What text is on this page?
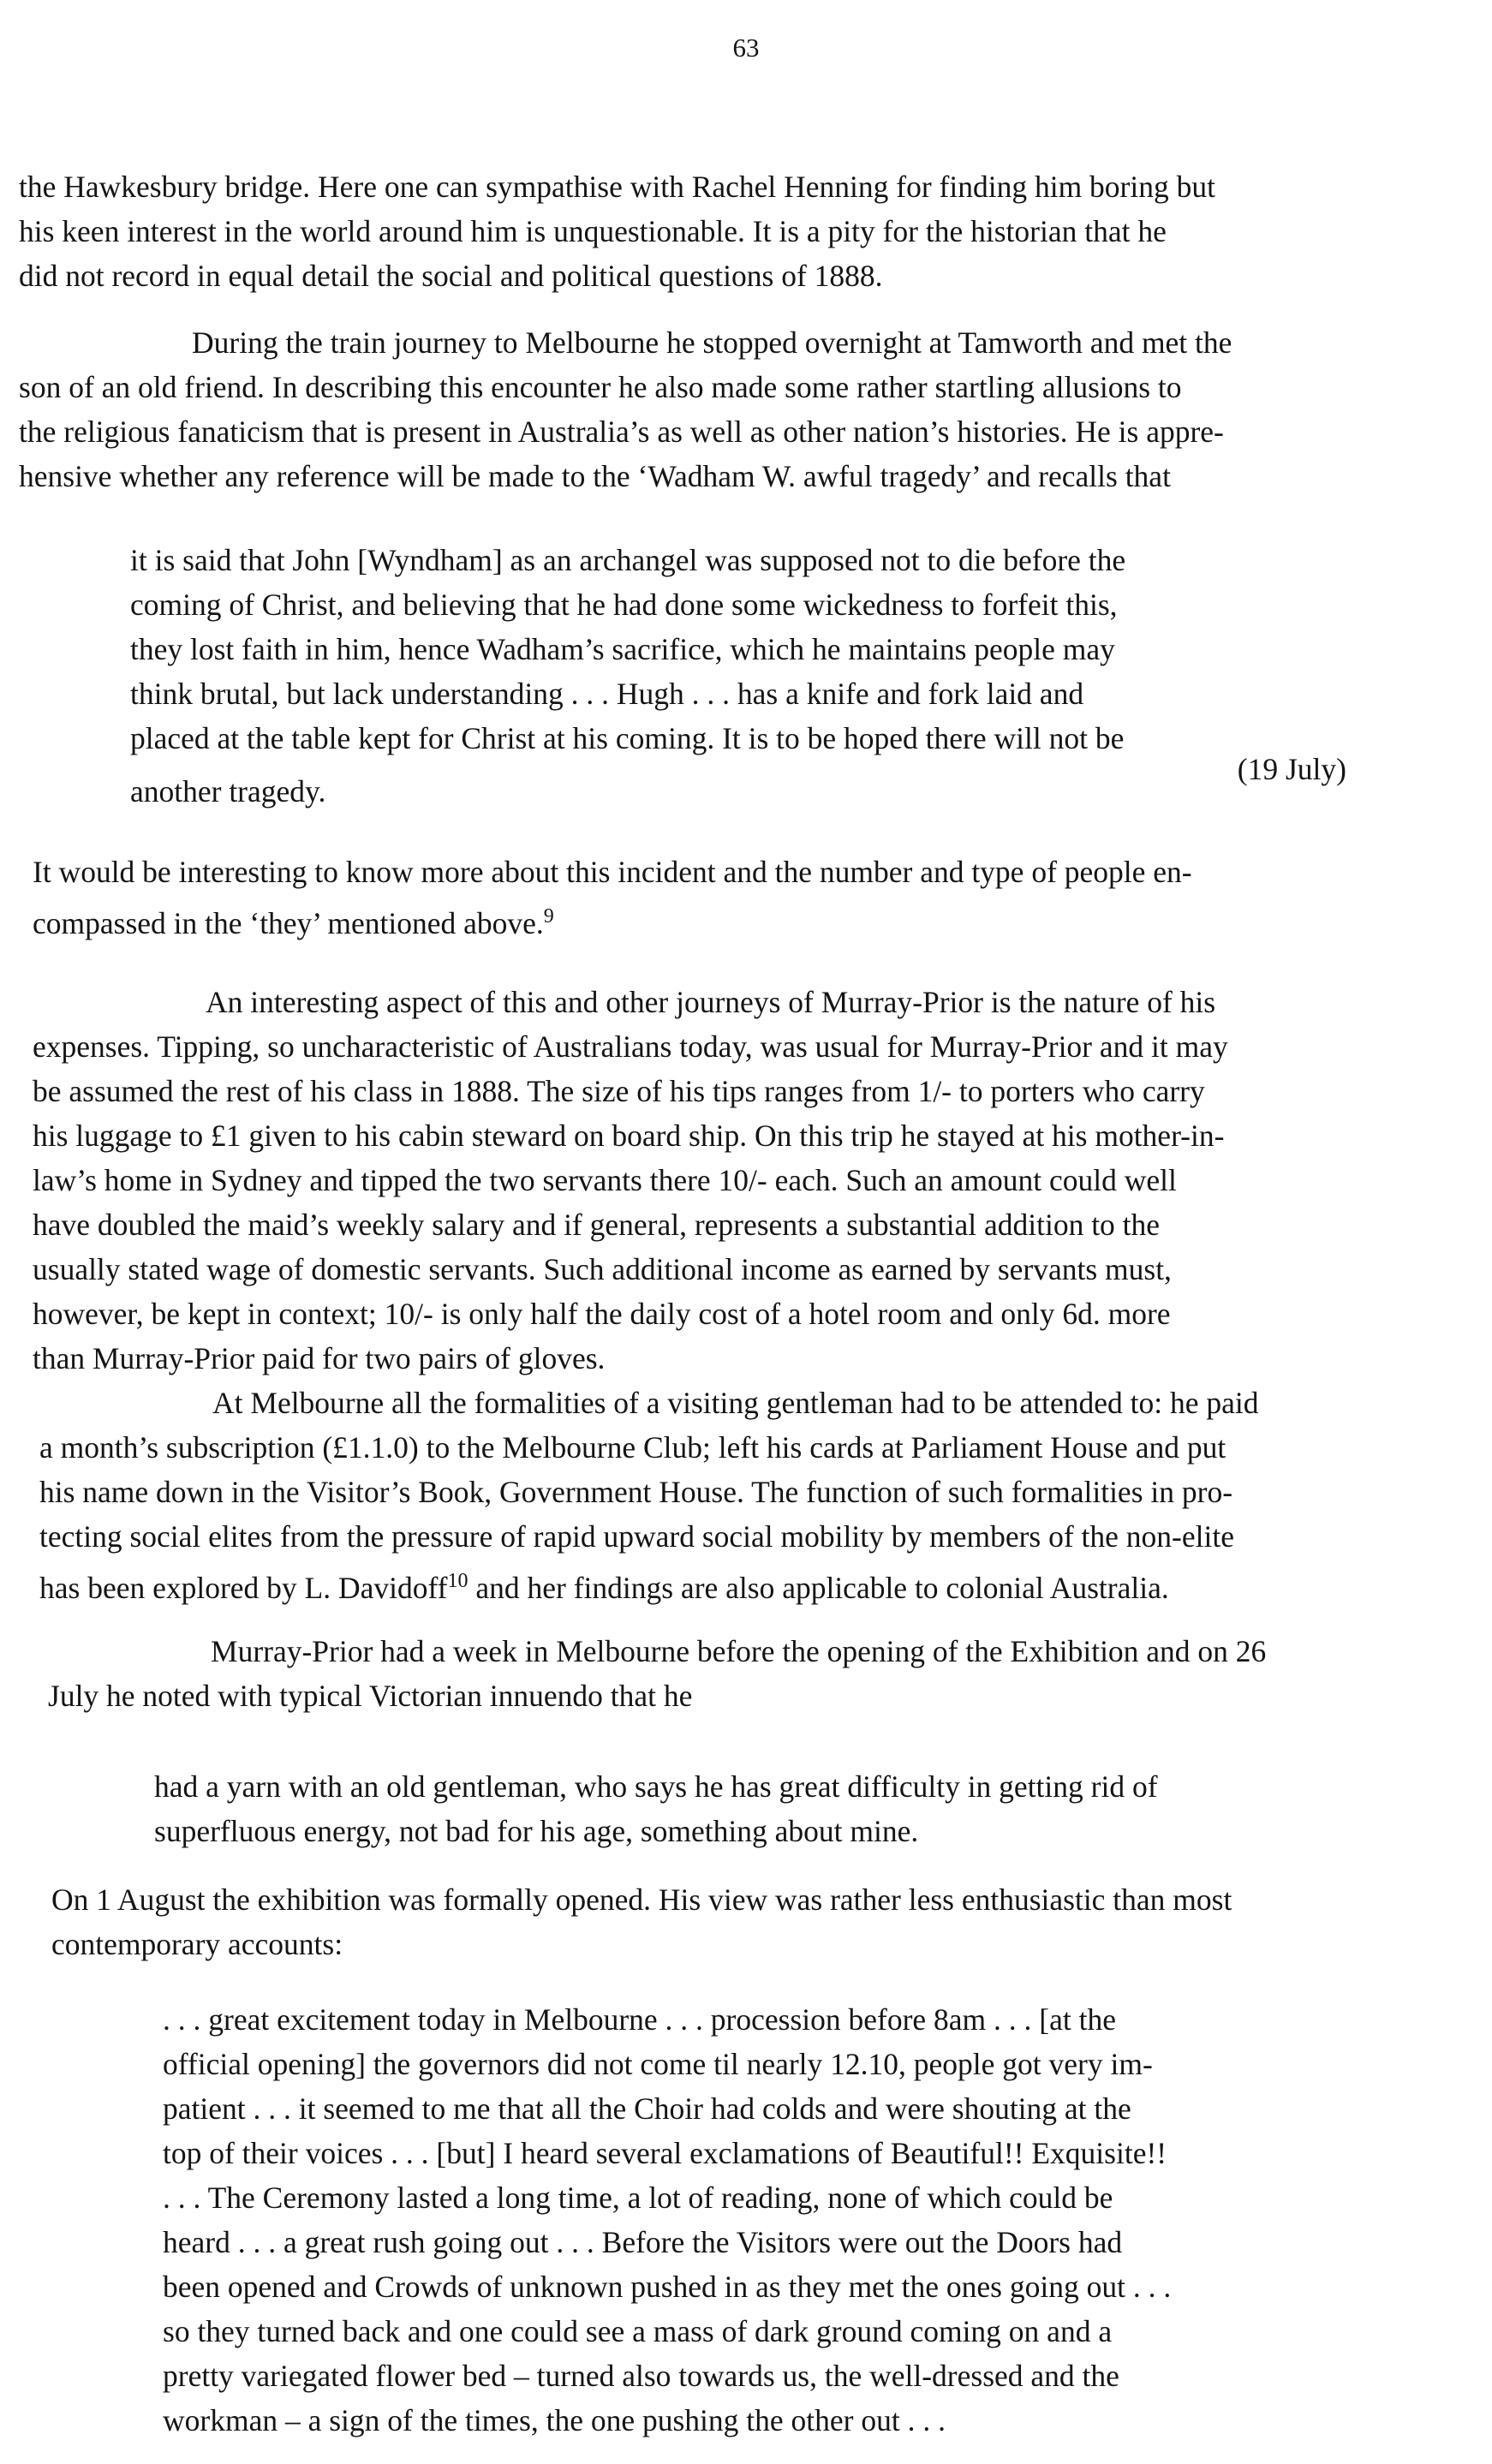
63
the Hawkesbury bridge. Here one can sympathise with Rachel Henning for finding him boring but
his keen interest in the world around him is unquestionable. It is a pity for the historian that he
did not record in equal detail the social and political questions of 1888.
During the train journey to Melbourne he stopped overnight at Tamworth and met the
son of an old friend. In describing this encounter he also made some rather startling allusions to
the religious fanaticism that is present in Australia’s as well as other nation’s histories. He is appre-
hensive whether any reference will be made to the ‘Wadham W. awful tragedy’ and recalls that
it is said that John [Wyndham] as an archangel was supposed not to die before the
coming of Christ, and believing that he had done some wickedness to forfeit this,
they lost faith in him, hence Wadham’s sacrifice, which he maintains people may
think brutal, but lack understanding . . . Hugh . . . has a knife and fork laid and
placed at the table kept for Christ at his coming. It is to be hoped there will not be
(19 July)
another tragedy.
It would be interesting to know more about this incident and the number and type of people en-
compassed in the ‘they’ mentioned above.$^9$
An interesting aspect of this and other journeys of Murray-Prior is the nature of his
expenses. Tipping, so uncharacteristic of Australians today, was usual for Murray-Prior and it may
be assumed the rest of his class in 1888. The size of his tips ranges from 1/- to porters who carry
his luggage to £1 given to his cabin steward on board ship. On this trip he stayed at his mother-in-
law’s home in Sydney and tipped the two servants there 10/- each. Such an amount could well
have doubled the maid’s weekly salary and if general, represents a substantial addition to the
usually stated wage of domestic servants. Such additional income as earned by servants must,
however, be kept in context; 10/- is only half the daily cost of a hotel room and only 6d. more
than Murray-Prior paid for two pairs of gloves.
At Melbourne all the formalities of a visiting gentleman had to be attended to: he paid
a month’s subscription (£1.1.0) to the Melbourne Club; left his cards at Parliament House and put
his name down in the Visitor’s Book, Government House. The function of such formalities in pro-
tecting social elites from the pressure of rapid upward social mobility by members of the non-elite
has been explored by L. Davidoff$^{10}$ and her findings are also applicable to colonial Australia.
Murray-Prior had a week in Melbourne before the opening of the Exhibition and on 26
July he noted with typical Victorian innuendo that he
had a yarn with an old gentleman, who says he has great difficulty in getting rid of
superfluous energy, not bad for his age, something about mine.
On 1 August the exhibition was formally opened. His view was rather less enthusiastic than most
contemporary accounts:
. . . great excitement today in Melbourne . . . procession before 8am . . . [at the
official opening] the governors did not come til nearly 12.10, people got very im-
patient . . . it seemed to me that all the Choir had colds and were shouting at the
top of their voices . . . [but] I heard several exclamations of Beautiful!! Exquisite!!
. . . The Ceremony lasted a long time, a lot of reading, none of which could be
heard . . . a great rush going out . . . Before the Visitors were out the Doors had
been opened and Crowds of unknown pushed in as they met the ones going out . . .
so they turned back and one could see a mass of dark ground coming on and a
pretty variegated flower bed – turned also towards us, the well-dressed and the
workman – a sign of the times, the one pushing the other out . . .
